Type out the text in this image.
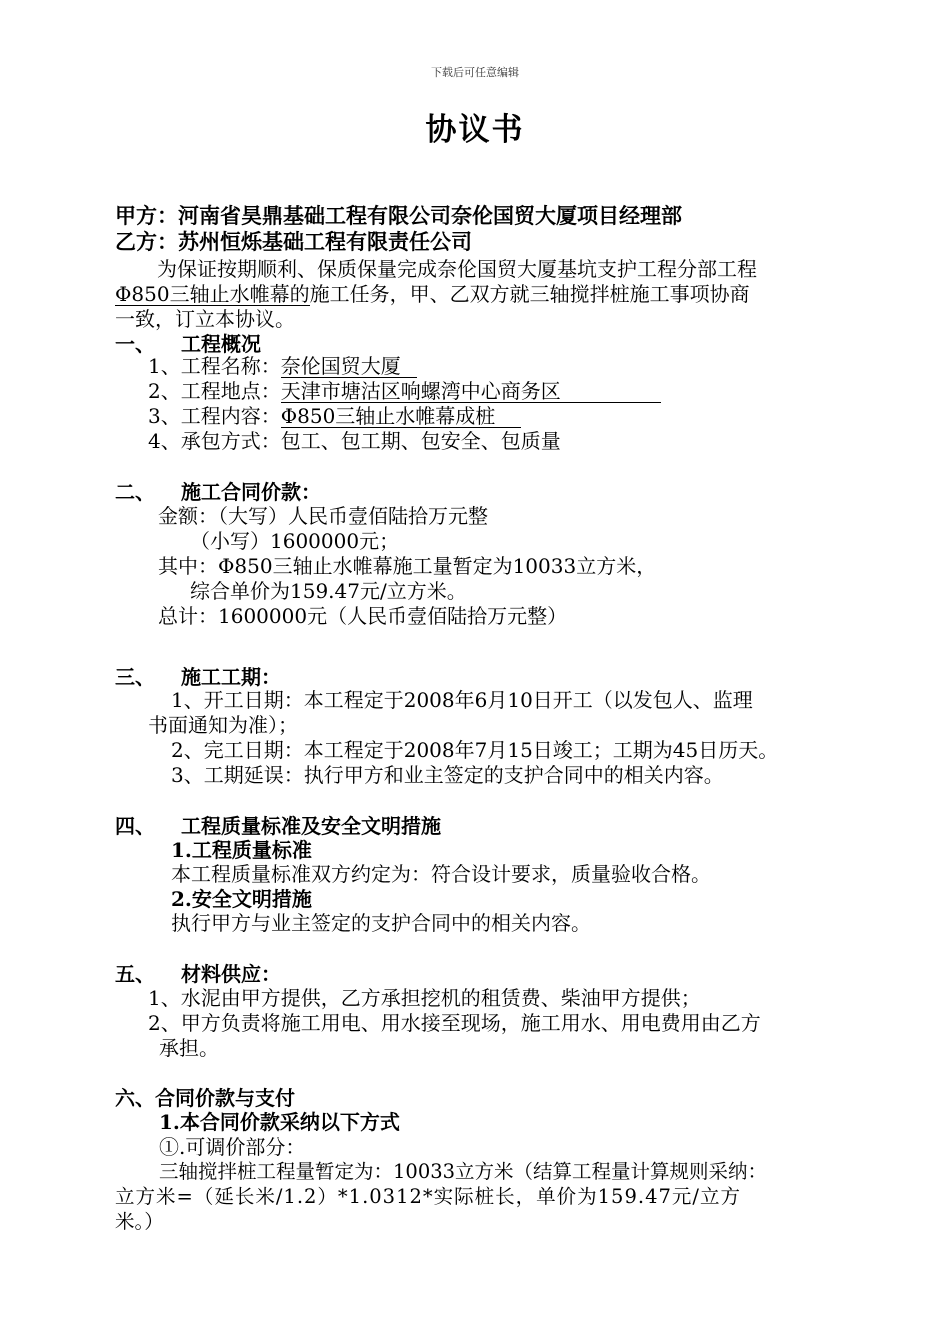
下载后可任意编辑
协议书
甲方：河南省昊鼎基础工程有限公司奈伦国贸大厦项目经理部
乙方：苏州恒烁基础工程有限责任公司
为保证按期顺利、保质保量完成奈伦国贸大厦基坑支护工程分部工程
Φ850三轴止水帷幕的施工任务，甲、乙双方就三轴搅拌桩施工事项协商
一致，订立本协议。
一、 工程概况
1、工程名称：奈伦国贸大厦
2、工程地点：天津市塘沽区响螺湾中心商务区
3、工程内容：Φ850三轴止水帷幕成桩
4、承包方式：包工、包工期、包安全、包质量
二、 施工合同价款：
金额：（大写）人民币壹佰陆拾万元整
（小写）1600000元；
其中：Φ850三轴止水帷幕施工量暂定为10033立方米，
综合单价为159.47元/立方米。
总计：1600000元（人民币壹佰陆拾万元整）
三、 施工工期：
1、开工日期：本工程定于2008年6月10日开工（以发包人、监理
书面通知为准）；
2、完工日期：本工程定于2008年7月15日竣工；工期为45日历天。
3、工期延误：执行甲方和业主签定的支护合同中的相关内容。
四、 工程质量标准及安全文明措施
1.工程质量标准
本工程质量标准双方约定为：符合设计要求，质量验收合格。
2.安全文明措施
执行甲方与业主签定的支护合同中的相关内容。
五、 材料供应：
1、水泥由甲方提供，乙方承担挖机的租赁费、柴油甲方提供；
2、甲方负责将施工用电、用水接至现场，施工用水、用电费用由乙方
承担。
六、合同价款与支付
1.本合同价款采纳以下方式
①.可调价部分：
三轴搅拌桩工程量暂定为：10033立方米（结算工程量计算规则采纳：
立方米=（延长米/1.2）*1.0312*实际桩长，单价为159.47元/立方
米。）
